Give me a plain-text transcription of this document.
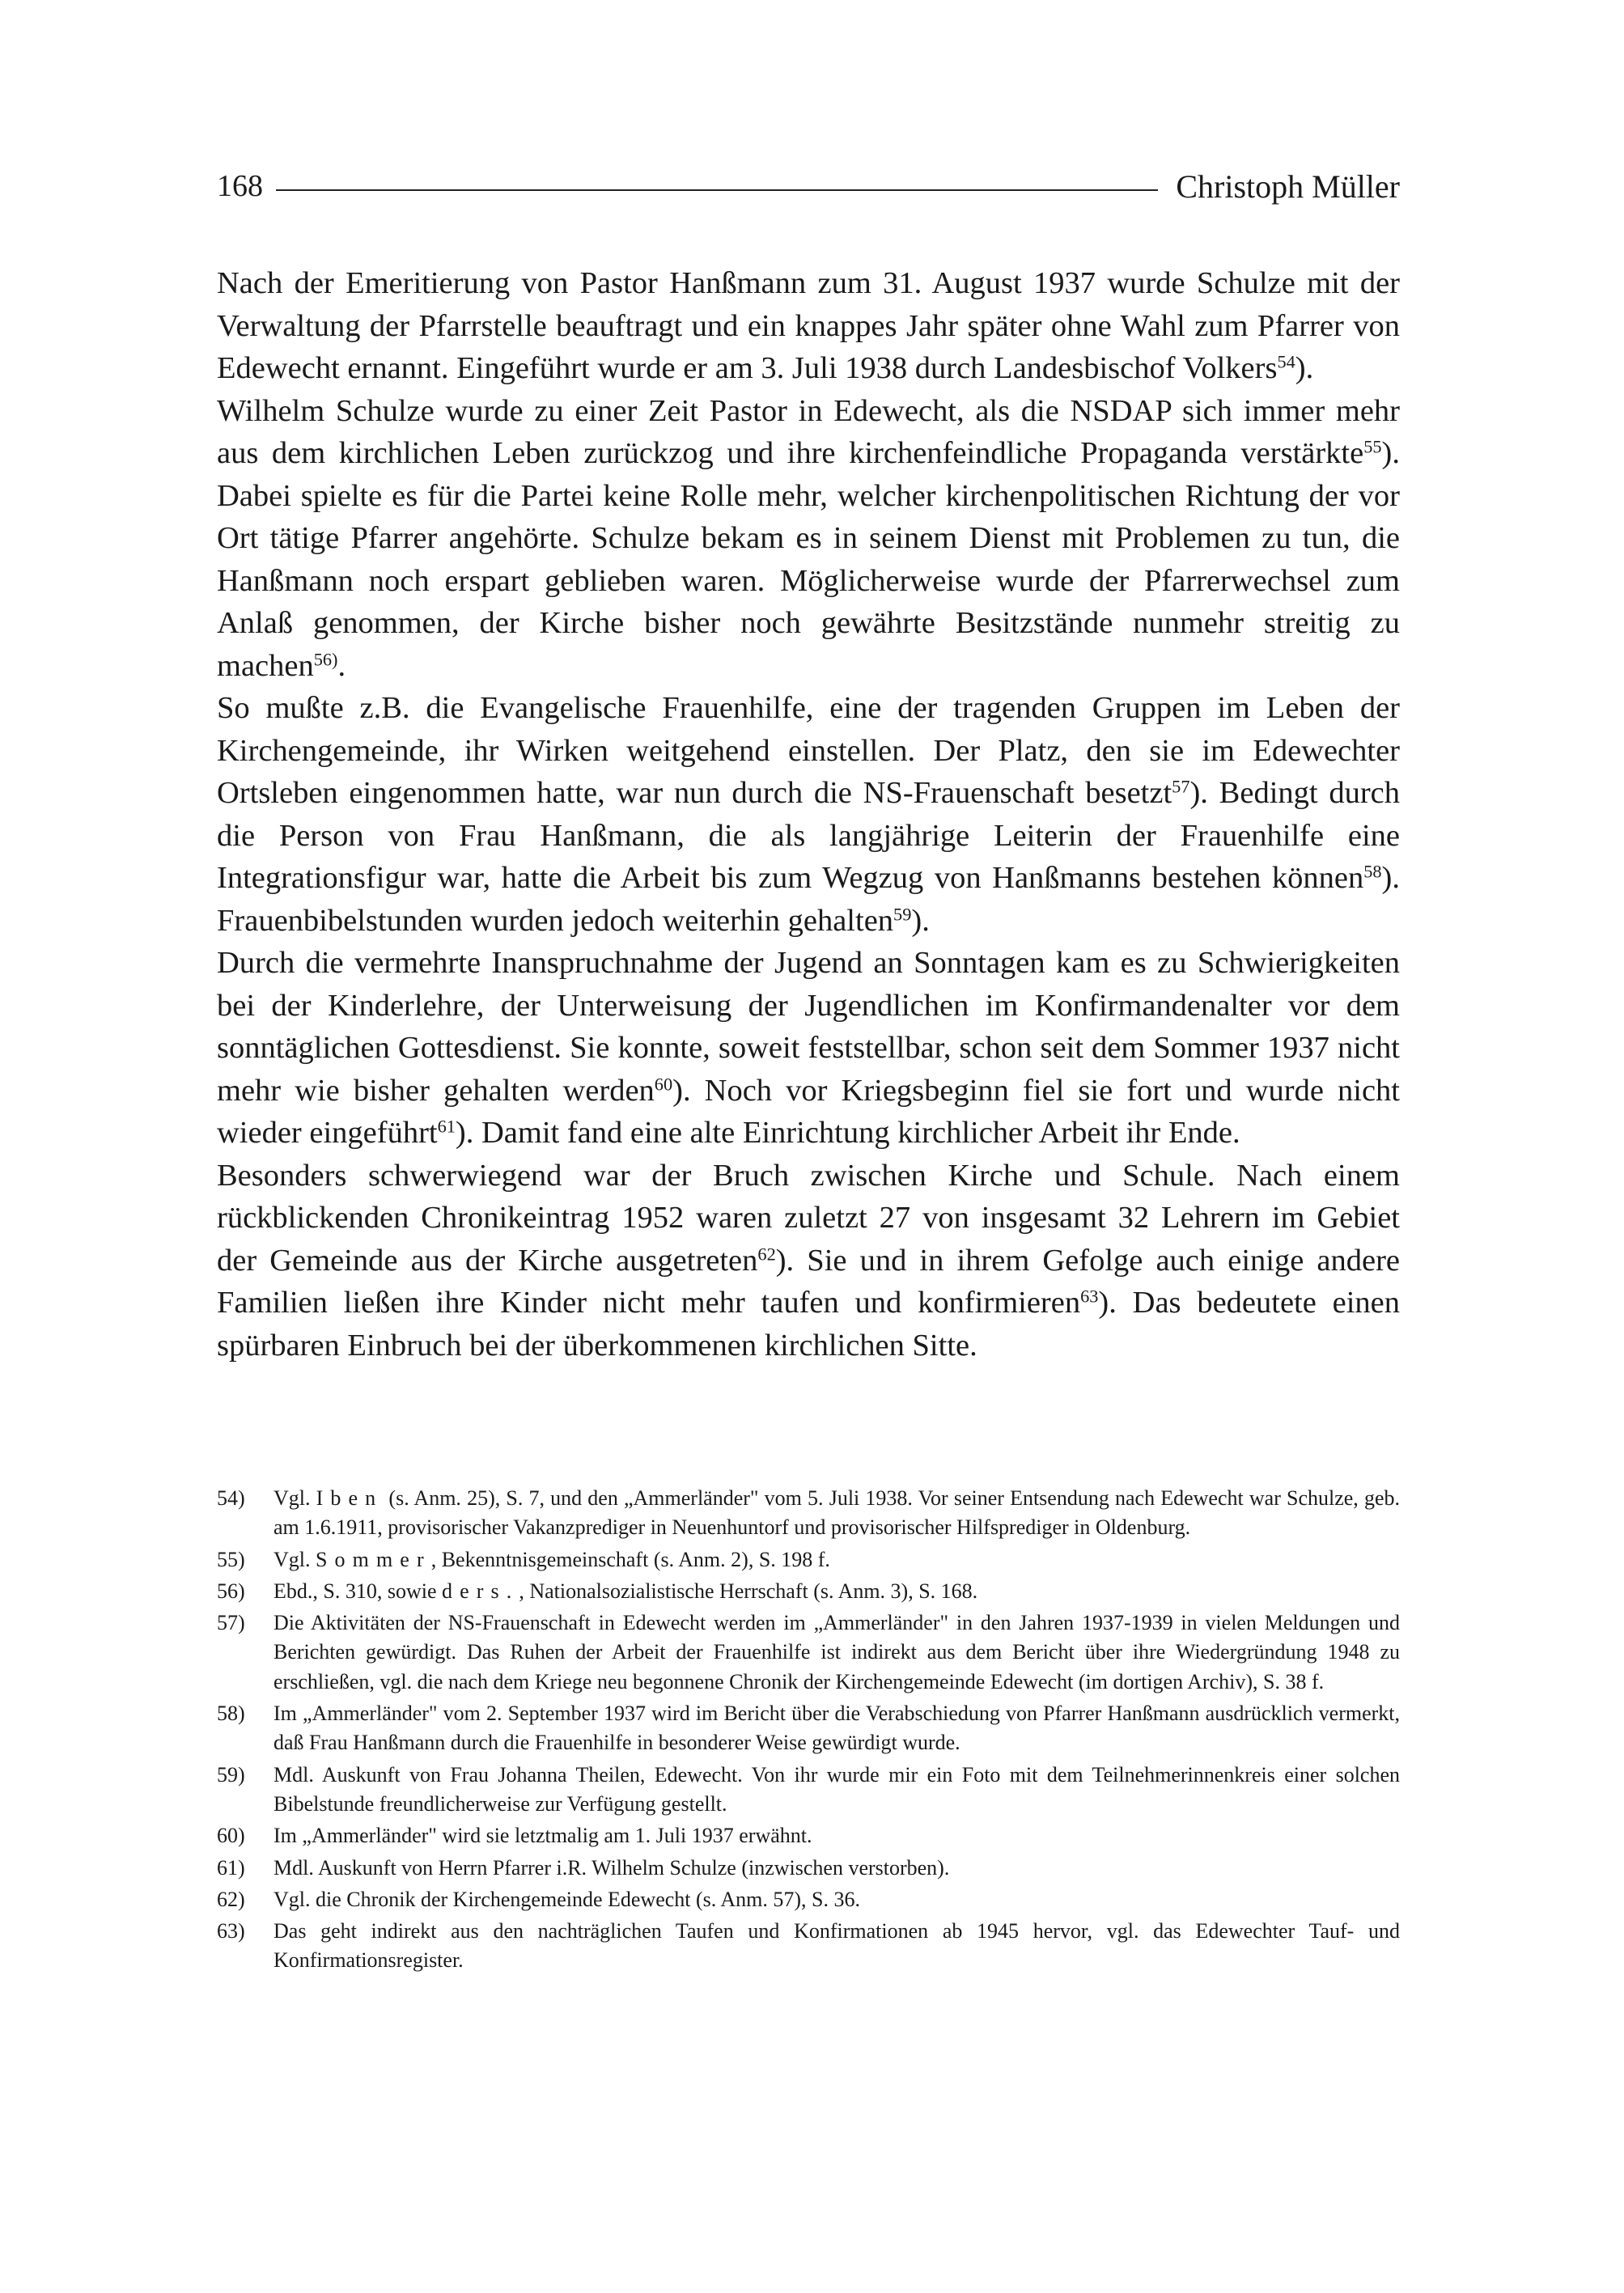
168	Christoph Müller

Nach der Emeritierung von Pastor Hanßmann zum 31. August 1937 wurde Schulze mit der Verwaltung der Pfarrstelle beauftragt und ein knappes Jahr später ohne Wahl zum Pfarrer von Edewecht ernannt. Eingeführt wurde er am 3. Juli 1938 durch Landesbischof Volkers$^{54}$).

Wilhelm Schulze wurde zu einer Zeit Pastor in Edewecht, als die NSDAP sich immer mehr aus dem kirchlichen Leben zurückzog und ihre kirchenfeindliche Propaganda verstärkte$^{55}$). Dabei spielte es für die Partei keine Rolle mehr, welcher kirchenpolitischen Richtung der vor Ort tätige Pfarrer angehörte. Schulze bekam es in seinem Dienst mit Problemen zu tun, die Hanßmann noch erspart geblieben waren. Möglicherweise wurde der Pfarrerwechsel zum Anlaß genommen, der Kirche bisher noch gewährte Besitzstände nunmehr streitig zu machen$^{56)}$.

So mußte z.B. die Evangelische Frauenhilfe, eine der tragenden Gruppen im Leben der Kirchengemeinde, ihr Wirken weitgehend einstellen. Der Platz, den sie im Edewechter Ortsleben eingenommen hatte, war nun durch die NS-Frauenschaft besetzt$^{57}$). Bedingt durch die Person von Frau Hanßmann, die als langjährige Leiterin der Frauenhilfe eine Integrationsfigur war, hatte die Arbeit bis zum Wegzug von Hanßmanns bestehen können$^{58}$). Frauenbibelstunden wurden jedoch weiterhin gehalten$^{59}$).

Durch die vermehrte Inanspruchnahme der Jugend an Sonntagen kam es zu Schwierigkeiten bei der Kinderlehre, der Unterweisung der Jugendlichen im Konfirmandenalter vor dem sonntäglichen Gottesdienst. Sie konnte, soweit feststellbar, schon seit dem Sommer 1937 nicht mehr wie bisher gehalten werden$^{60}$). Noch vor Kriegsbeginn fiel sie fort und wurde nicht wieder eingeführt$^{61}$). Damit fand eine alte Einrichtung kirchlicher Arbeit ihr Ende.

Besonders schwerwiegend war der Bruch zwischen Kirche und Schule. Nach einem rückblickenden Chronikeintrag 1952 waren zuletzt 27 von insgesamt 32 Lehrern im Gebiet der Gemeinde aus der Kirche ausgetreten$^{62}$). Sie und in ihrem Gefolge auch einige andere Familien ließen ihre Kinder nicht mehr taufen und konfirmieren$^{63}$). Das bedeutete einen spürbaren Einbruch bei der überkommenen kirchlichen Sitte.

54)	Vgl. Iben (s. Anm. 25), S. 7, und den „Ammerländer" vom 5. Juli 1938. Vor seiner Entsendung nach Edewecht war Schulze, geb. am 1.6.1911, provisorischer Vakanzprediger in Neuenhuntorf und provisorischer Hilfsprediger in Oldenburg.
55)	Vgl. Sommer, Bekenntnisgemeinschaft (s. Anm. 2), S. 198 f.
56)	Ebd., S. 310, sowie ders., Nationalsozialistische Herrschaft (s. Anm. 3), S. 168.
57)	Die Aktivitäten der NS-Frauenschaft in Edewecht werden im „Ammerländer" in den Jahren 1937-1939 in vielen Meldungen und Berichten gewürdigt. Das Ruhen der Arbeit der Frauenhilfe ist indirekt aus dem Bericht über ihre Wiedergründung 1948 zu erschließen, vgl. die nach dem Kriege neu begonnene Chronik der Kirchengemeinde Edewecht (im dortigen Archiv), S. 38 f.
58)	Im „Ammerländer" vom 2. September 1937 wird im Bericht über die Verabschiedung von Pfarrer Hanßmann ausdrücklich vermerkt, daß Frau Hanßmann durch die Frauenhilfe in besonderer Weise gewürdigt wurde.
59)	Mdl. Auskunft von Frau Johanna Theilen, Edewecht. Von ihr wurde mir ein Foto mit dem Teilnehmerinnenkreis einer solchen Bibelstunde freundlicherweise zur Verfügung gestellt.
60)	Im „Ammerländer" wird sie letztmalig am 1. Juli 1937 erwähnt.
61)	Mdl. Auskunft von Herrn Pfarrer i.R. Wilhelm Schulze (inzwischen verstorben).
62)	Vgl. die Chronik der Kirchengemeinde Edewecht (s. Anm. 57), S. 36.
63)	Das geht indirekt aus den nachträglichen Taufen und Konfirmationen ab 1945 hervor, vgl. das Edewechter Tauf- und Konfirmationsregister.
